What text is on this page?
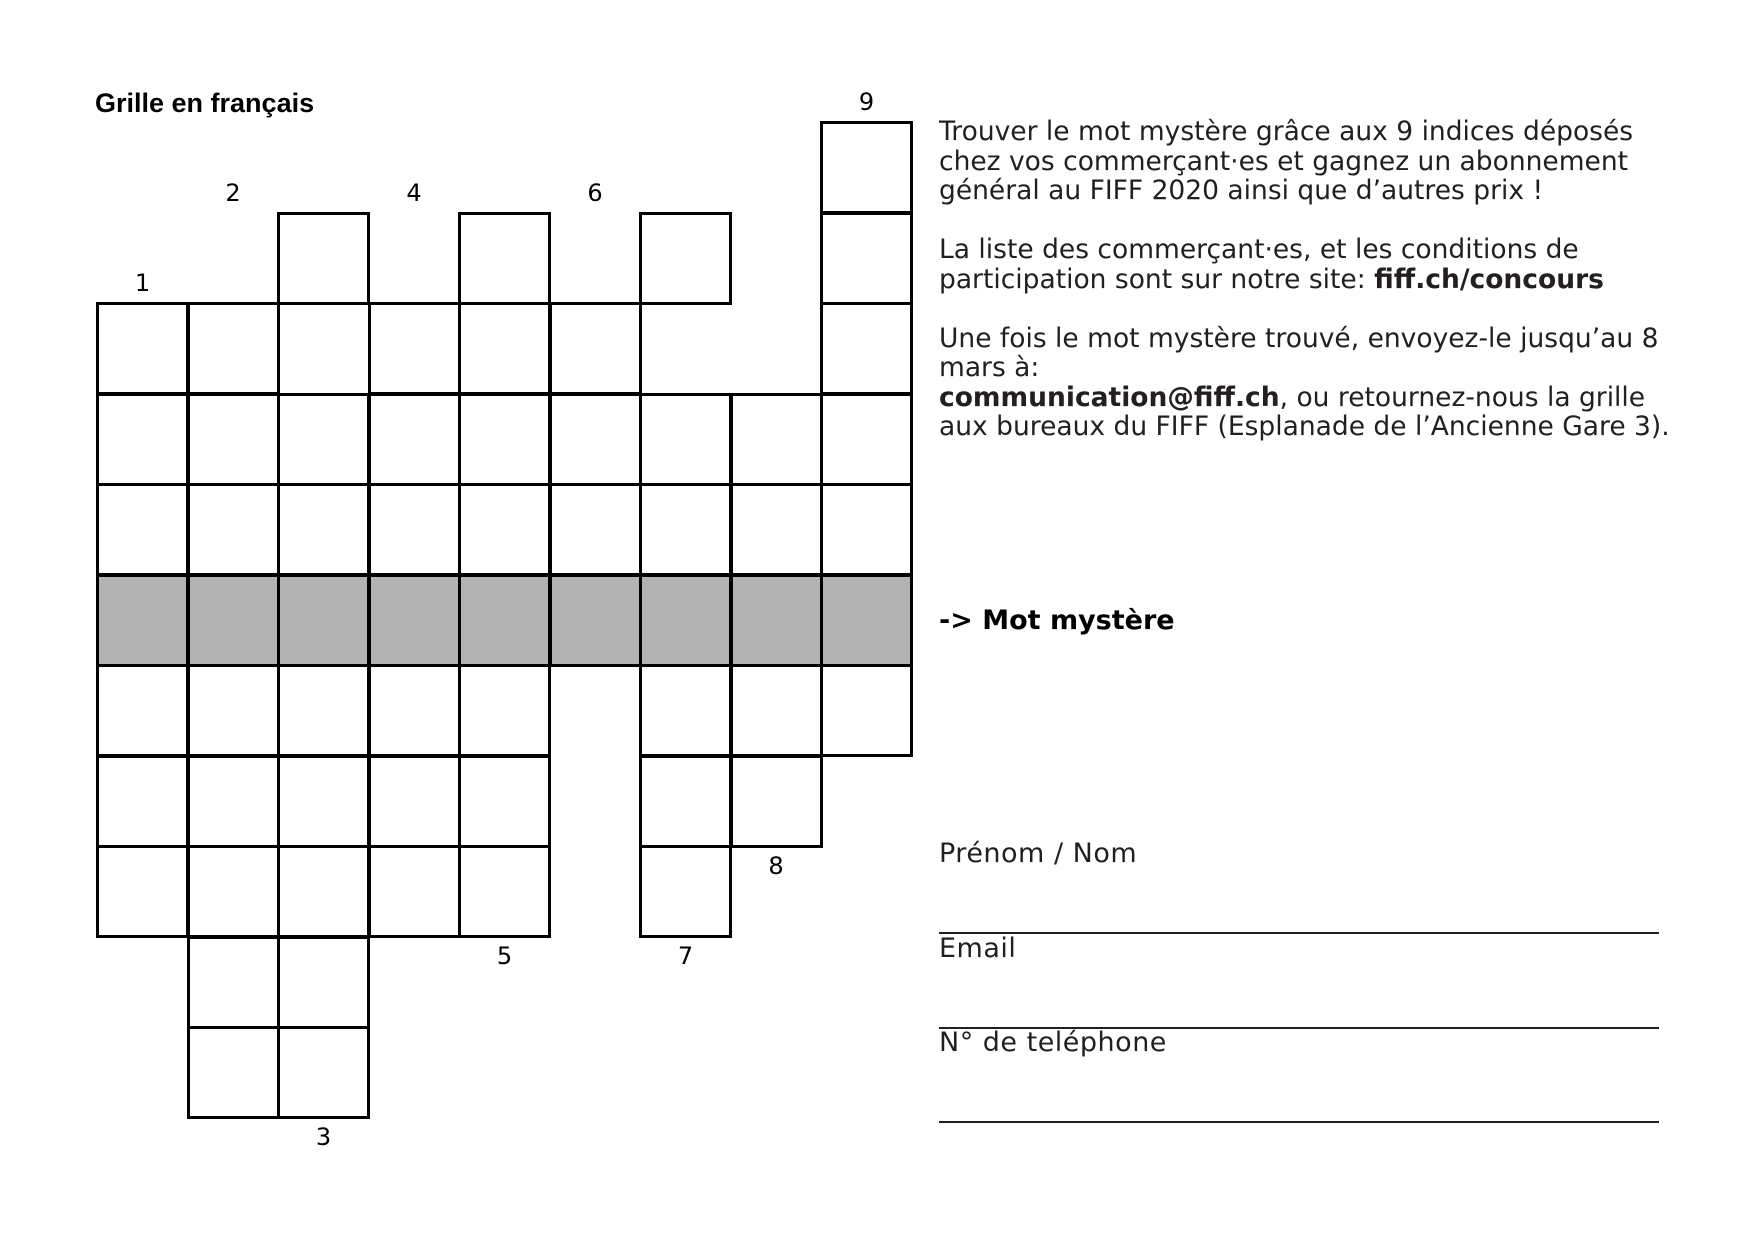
Grille en français
1
2	4	6
9
3
5	7
8

Trouver le mot mystère grâce aux 9 indices déposés chez vos commerçant·es et gagnez un abonnement général au FIFF 2020 ainsi que d’autres prix !

La liste des commerçant·es, et les conditions de participation sont sur notre site: fiff.ch/concours

Une fois le mot mystère trouvé, envoyez-le jusqu’au 8 mars à:

communication@fiff.ch, ou retournez-nous la grille aux bureaux du FIFF (Esplanade de l’Ancienne Gare 3).

-> Mot mystère

Prénom / Nom
Email
N° de teléphone
